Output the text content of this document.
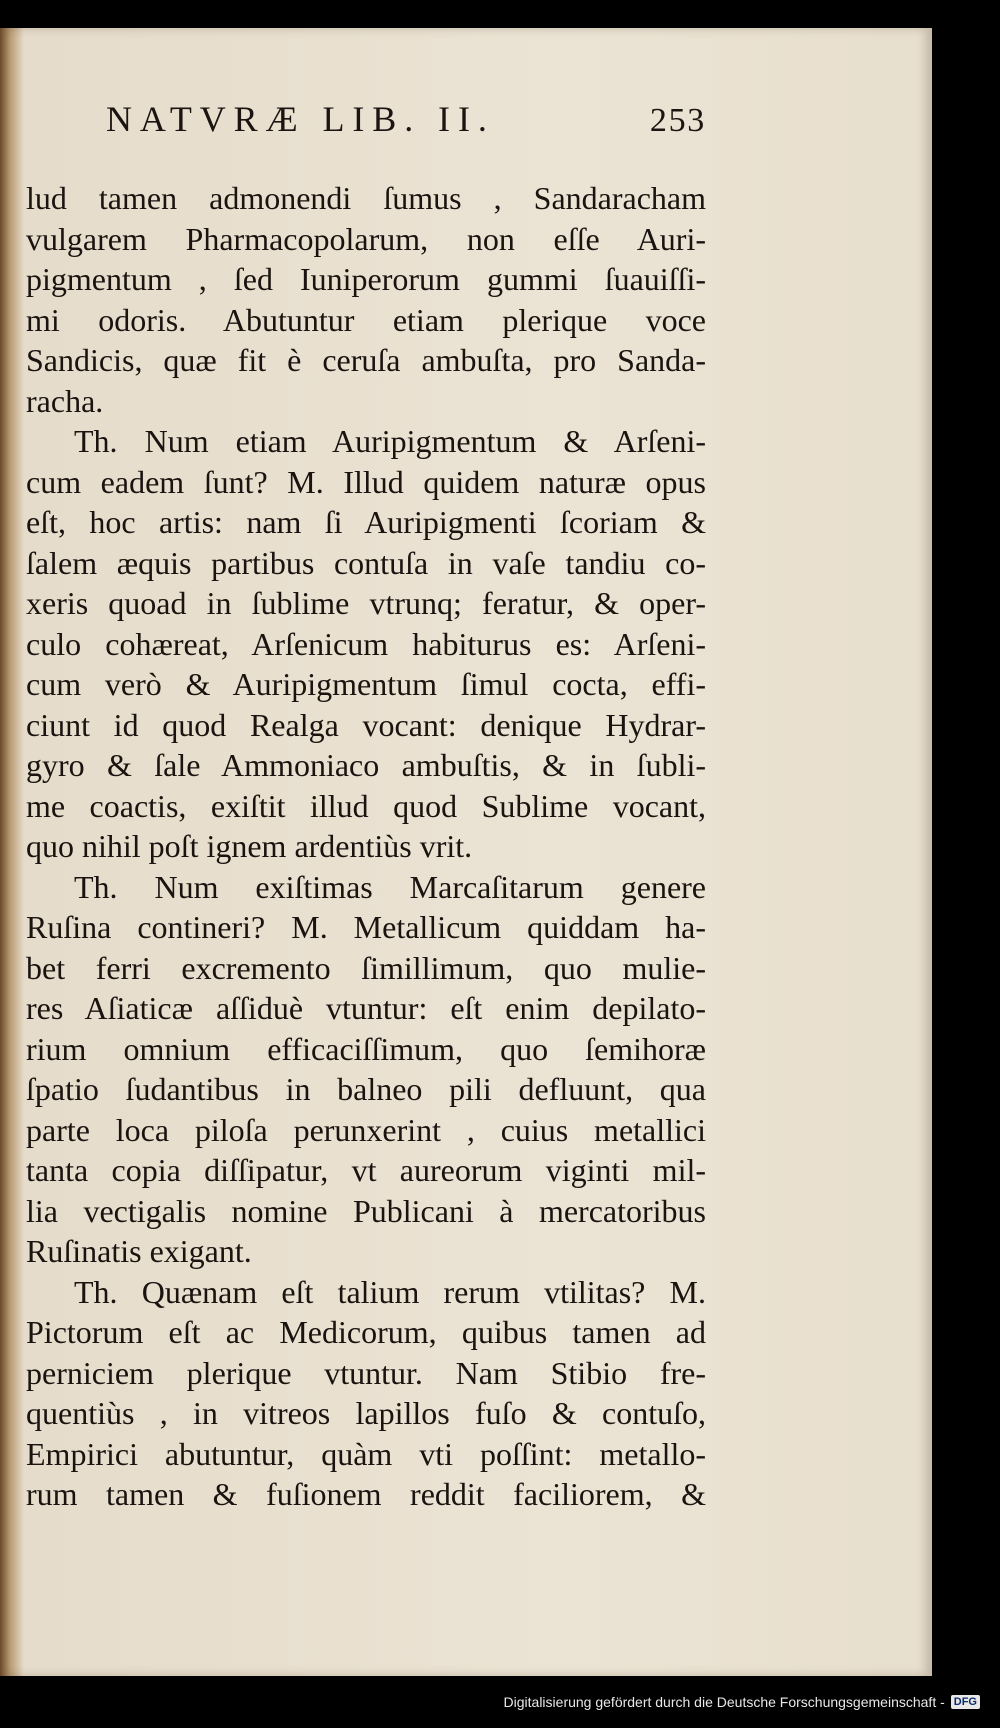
NATVRÆ LIB. II.	253
lud tamen admonendi ſumus , Sandaracham
vulgarem Pharmacopolarum, non eſſe Auri-
pigmentum , ſed Iuniperorum gummi ſuauiſſi-
mi odoris. Abutuntur etiam plerique voce
Sandicis, quæ fit è ceruſa ambuſta, pro Sanda-
racha.
Th. Num etiam Auripigmentum & Arſeni-
cum eadem ſunt? M. Illud quidem naturæ opus
eſt, hoc artis: nam ſi Auripigmenti ſcoriam &
ſalem æquis partibus contuſa in vaſe tandiu co-
xeris quoad in ſublime vtrunq; feratur, & oper-
culo cohæreat, Arſenicum habiturus es: Arſeni-
cum verò & Auripigmentum ſimul cocta, effi-
ciunt id quod Realga vocant: denique Hydrar-
gyro & ſale Ammoniaco ambuſtis, & in ſubli-
me coactis, exiſtit illud quod Sublime vocant,
quo nihil poſt ignem ardentiùs vrit.
Th. Num exiſtimas Marcaſitarum genere
Ruſina contineri? M. Metallicum quiddam ha-
bet ferri excremento ſimillimum, quo mulie-
res Aſiaticæ aſſiduè vtuntur: eſt enim depilato-
rium omnium efficaciſſimum, quo ſemihoræ
ſpatio ſudantibus in balneo pili defluunt, qua
parte loca piloſa perunxerint , cuius metallici
tanta copia diſſipatur, vt aureorum viginti mil-
lia vectigalis nomine Publicani à mercatoribus
Ruſinatis exigant.
Th. Quænam eſt talium rerum vtilitas? M.
Pictorum eſt ac Medicorum, quibus tamen ad
perniciem plerique vtuntur. Nam Stibio fre-
quentiùs , in vitreos lapillos fuſo & contuſo,
Empirici abutuntur, quàm vti poſſint: metallo-
rum tamen & fuſionem reddit faciliorem, &
Digitalisierung gefördert durch die Deutsche Forschungsgemeinschaft - DFG
